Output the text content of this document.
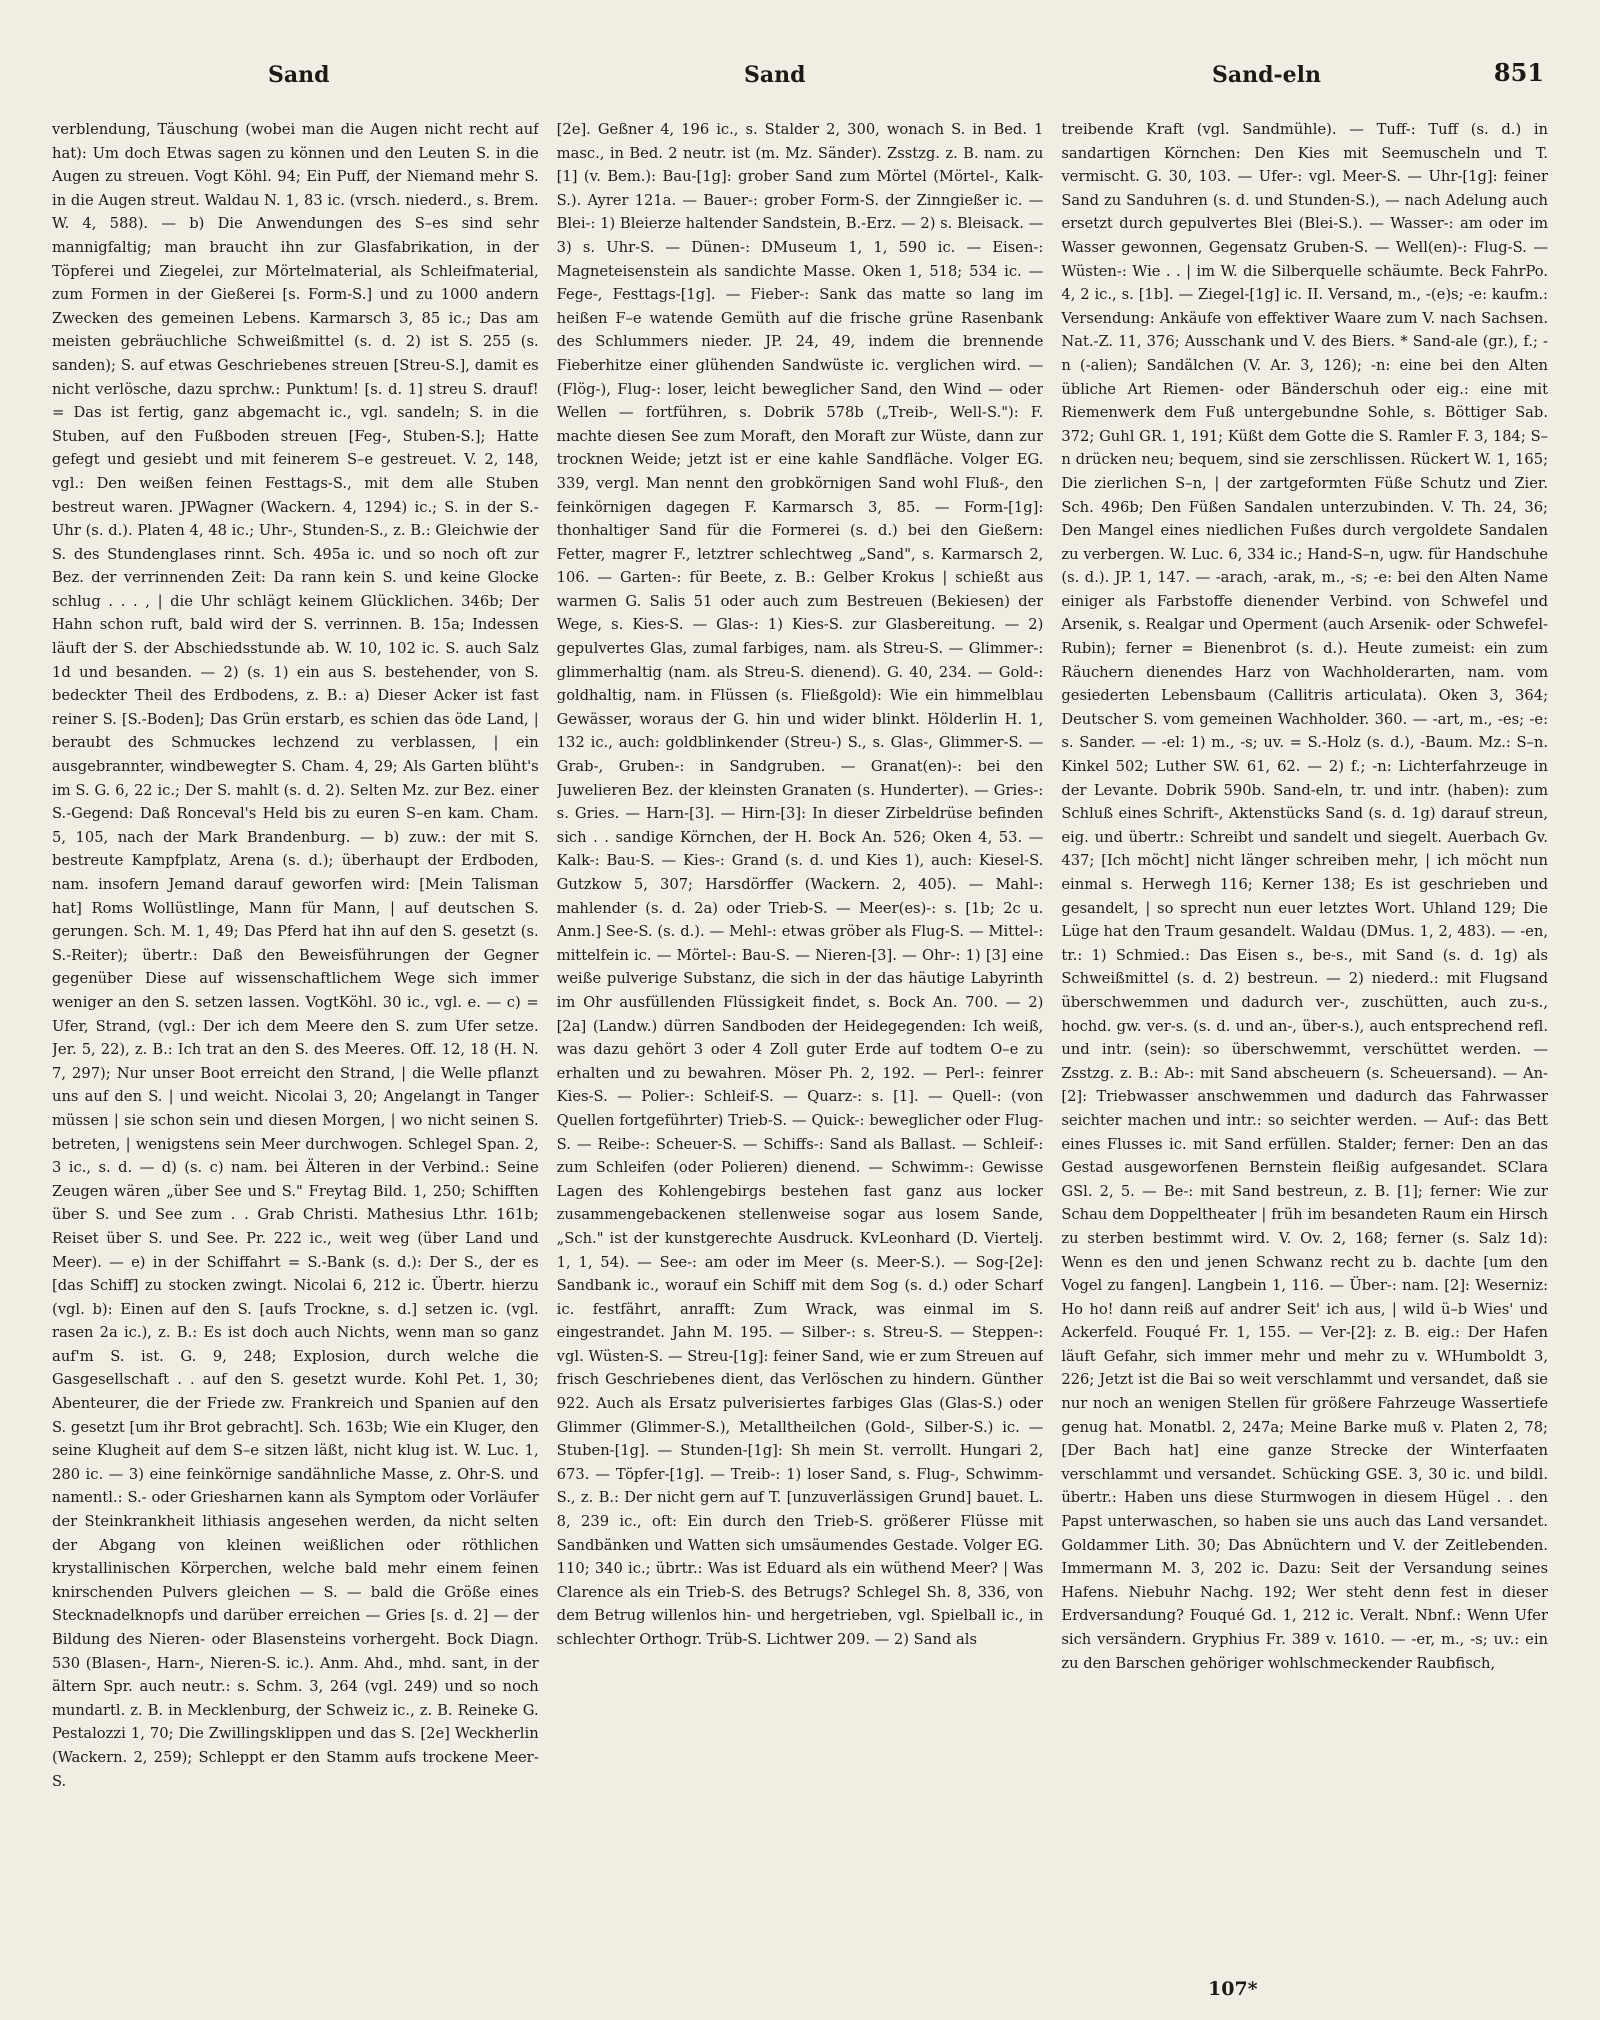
Sand	Sand	Sand-eln	851

verblendung, Täuschung (wobei man die Augen nicht recht auf hat): Um doch Etwas sagen zu können und den Leuten S. in die Augen zu streuen. Vogt Köhl. 94; Ein Puff, der Niemand mehr S. in die Augen streut. Waldau N. 1, 83 ic. (vrsch. niederd., s. Brem. W. 4, 588). — b) Die Anwendungen des S–es sind sehr mannigfaltig; man braucht ihn zur Glasfabrikation, in der Töpferei und Ziegelei, zur Mörtelmaterial, als Schleifmaterial, zum Formen in der Gießerei [s. Form-S.] und zu 1000 andern Zwecken des gemeinen Lebens. Karmarsch 3, 85 ic.; Das am meisten gebräuchliche Schweißmittel (s. d. 2) ist S. 255 (s. sanden); S. auf etwas Geschriebenes streuen [Streu-S.], damit es nicht verlösche, dazu sprchw.: Punktum! [s. d. 1] streu S. drauf! = Das ist fertig, ganz abgemacht ic., vgl. sandeln; S. in die Stuben, auf den Fußboden streuen [Feg-, Stuben-S.]; Hatte gefegt und gesiebt und mit feinerem S–e gestreuet. V. 2, 148, vgl.: Den weißen feinen Festtags-S., mit dem alle Stuben bestreut waren. JPWagner (Wackern. 4, 1294) ic.; S. in der S.-Uhr (s. d.). Platen 4, 48 ic.; Uhr-, Stunden-S., z. B.: Gleichwie der S. des Stundenglases rinnt. Sch. 495a ic. und so noch oft zur Bez. der verrinnenden Zeit: Da rann kein S. und keine Glocke schlug . . . , | die Uhr schlägt keinem Glücklichen. 346b; Der Hahn schon ruft, bald wird der S. verrinnen. B. 15a; Indessen läuft der S. der Abschiedsstunde ab. W. 10, 102 ic. S. auch Salz 1d und besanden. — 2) (s. 1) ein aus S. bestehender, von S. bedeckter Theil des Erdbodens, z. B.: a) Dieser Acker ist fast reiner S. [S.-Boden]; Das Grün erstarb, es schien das öde Land, | beraubt des Schmuckes lechzend zu verblassen, | ein ausgebrannter, windbewegter S. Cham. 4, 29; Als Garten blüht's im S. G. 6, 22 ic.; Der S. mahlt (s. d. 2). Selten Mz. zur Bez. einer S.-Gegend: Daß Ronceval's Held bis zu euren S–en kam. Cham. 5, 105, nach der Mark Brandenburg. — b) zuw.: der mit S. bestreute Kampfplatz, Arena (s. d.); überhaupt der Erdboden, nam. insofern Jemand darauf geworfen wird: [Mein Talisman hat] Roms Wollüstlinge, Mann für Mann, | auf deutschen S. gerungen. Sch. M. 1, 49; Das Pferd hat ihn auf den S. gesetzt (s. S.-Reiter); übertr.: Daß den Beweisführungen der Gegner gegenüber Diese auf wissenschaftlichem Wege sich immer weniger an den S. setzen lassen. VogtKöhl. 30 ic., vgl. e. — c) = Ufer, Strand, (vgl.: Der ich dem Meere den S. zum Ufer setze. Jer. 5, 22), z. B.: Ich trat an den S. des Meeres. Off. 12, 18 (H. N. 7, 297); Nur unser Boot erreicht den Strand, | die Welle pflanzt uns auf den S. | und weicht. Nicolai 3, 20; Angelangt in Tanger müssen | sie schon sein und diesen Morgen, | wo nicht seinen S. betreten, | wenigstens sein Meer durchwogen. Schlegel Span. 2, 3 ic., s. d. — d) (s. c) nam. bei Älteren in der Verbind.: Seine Zeugen wären „über See und S." Freytag Bild. 1, 250; Schifften über S. und See zum . . Grab Christi. Mathesius Lthr. 161b; Reiset über S. und See. Pr. 222 ic., weit weg (über Land und Meer). — e) in der Schiffahrt = S.-Bank (s. d.): Der S., der es [das Schiff] zu stocken zwingt. Nicolai 6, 212 ic. Übertr. hierzu (vgl. b): Einen auf den S. [aufs Trockne, s. d.] setzen ic. (vgl. rasen 2a ic.), z. B.: Es ist doch auch Nichts, wenn man so ganz auf'm S. ist. G. 9, 248; Explosion, durch welche die Gasgesellschaft . . auf den S. gesetzt wurde. Kohl Pet. 1, 30; Abenteurer, die der Friede zw. Frankreich und Spanien auf den S. gesetzt [um ihr Brot gebracht]. Sch. 163b; Wie ein Kluger, den seine Klugheit auf dem S–e sitzen läßt, nicht klug ist. W. Luc. 1, 280 ic. — 3) eine feinkörnige sandähnliche Masse, z. Ohr-S. und namentl.: S.- oder Griesharnen kann als Symptom oder Vorläufer der Steinkrankheit lithiasis angesehen werden, da nicht selten der Abgang von kleinen weißlichen oder röthlichen krystallinischen Körperchen, welche bald mehr einem feinen knirschenden Pulvers gleichen — S. — bald die Größe eines Stecknadelknopfs und darüber erreichen — Gries [s. d. 2] — der Bildung des Nieren- oder Blasensteins vorhergeht. Bock Diagn. 530 (Blasen-, Harn-, Nieren-S. ic.). Anm. Ahd., mhd. sant, in der ältern Spr. auch neutr.: s. Schm. 3, 264 (vgl. 249) und so noch mundartl. z. B. in Mecklenburg, der Schweiz ic., z. B. Reineke G. Pestalozzi 1, 70; Die Zwillingsklippen und das S. [2e] Weckherlin (Wackern. 2, 259); Schleppt er den Stamm aufs trockene Meer-S.

[2e]. Geßner 4, 196 ic., s. Stalder 2, 300, wonach S. in Bed. 1 masc., in Bed. 2 neutr. ist (m. Mz. Sänder). Zsstzg. z. B. nam. zu [1] (v. Bem.): Bau-[1g]: grober Sand zum Mörtel (Mörtel-, Kalk-S.). Ayrer 121a. — Bauer-: grober Form-S. der Zinngießer ic. — Blei-: 1) Bleierze haltender Sandstein, B.-Erz. — 2) s. Bleisack. — 3) s. Uhr-S. — Dünen-: DMuseum 1, 1, 590 ic. — Eisen-: Magneteisenstein als sandichte Masse. Oken 1, 518; 534 ic. — Fege-, Festtags-[1g]. — Fieber-: Sank das matte so lang im heißen F–e watende Gemüth auf die frische grüne Rasenbank des Schlummers nieder. JP. 24, 49, indem die brennende Fieberhitze einer glühenden Sandwüste ic. verglichen wird. — (Flög-), Flug-: loser, leicht beweglicher Sand, den Wind — oder Wellen — fortführen, s. Dobrik 578b („Treib-, Well-S."): F. machte diesen See zum Moraft, den Moraft zur Wüste, dann zur trocknen Weide; jetzt ist er eine kahle Sandfläche. Volger EG. 339, vergl. Man nennt den grobkörnigen Sand wohl Fluß-, den feinkörnigen dagegen F. Karmarsch 3, 85. — Form-[1g]: thonhaltiger Sand für die Formerei (s. d.) bei den Gießern: Fetter, magrer F., letztrer schlechtweg „Sand", s. Karmarsch 2, 106. — Garten-: für Beete, z. B.: Gelber Krokus | schießt aus warmen G. Salis 51 oder auch zum Bestreuen (Bekiesen) der Wege, s. Kies-S. — Glas-: 1) Kies-S. zur Glasbereitung. — 2) gepulvertes Glas, zumal farbiges, nam. als Streu-S. — Glimmer-: glimmerhaltig (nam. als Streu-S. dienend). G. 40, 234. — Gold-: goldhaltig, nam. in Flüssen (s. Fließgold): Wie ein himmelblau Gewässer, woraus der G. hin und wider blinkt. Hölderlin H. 1, 132 ic., auch: goldblinkender (Streu-) S., s. Glas-, Glimmer-S. — Grab-, Gruben-: in Sandgruben. — Granat(en)-: bei den Juwelieren Bez. der kleinsten Granaten (s. Hunderter). — Gries-: s. Gries. — Harn-[3]. — Hirn-[3]: In dieser Zirbeldrüse befinden sich . . sandige Körnchen, der H. Bock An. 526; Oken 4, 53. — Kalk-: Bau-S. — Kies-: Grand (s. d. und Kies 1), auch: Kiesel-S. Gutzkow 5, 307; Harsdörffer (Wackern. 2, 405). — Mahl-: mahlender (s. d. 2a) oder Trieb-S. — Meer(es)-: s. [1b; 2c u. Anm.] See-S. (s. d.). — Mehl-: etwas gröber als Flug-S. — Mittel-: mittelfein ic. — Mörtel-: Bau-S. — Nieren-[3]. — Ohr-: 1) [3] eine weiße pulverige Substanz, die sich in der das häutige Labyrinth im Ohr ausfüllenden Flüssigkeit findet, s. Bock An. 700. — 2) [2a] (Landw.) dürren Sandboden der Heidegegenden: Ich weiß, was dazu gehört 3 oder 4 Zoll guter Erde auf todtem O–e zu erhalten und zu bewahren. Möser Ph. 2, 192. — Perl-: feinrer Kies-S. — Polier-: Schleif-S. — Quarz-: s. [1]. — Quell-: (von Quellen fortgeführter) Trieb-S. — Quick-: beweglicher oder Flug-S. — Reibe-: Scheuer-S. — Schiffs-: Sand als Ballast. — Schleif-: zum Schleifen (oder Polieren) dienend. — Schwimm-: Gewisse Lagen des Kohlengebirgs bestehen fast ganz aus locker zusammengebackenen stellenweise sogar aus losem Sande, „Sch." ist der kunstgerechte Ausdruck. KvLeonhard (D. Viertelj. 1, 1, 54). — See-: am oder im Meer (s. Meer-S.). — Sog-[2e]: Sandbank ic., worauf ein Schiff mit dem Sog (s. d.) oder Scharf ic. festfährt, anrafft: Zum Wrack, was einmal im S. eingestrandet. Jahn M. 195. — Silber-: s. Streu-S. — Steppen-: vgl. Wüsten-S. — Streu-[1g]: feiner Sand, wie er zum Streuen auf frisch Geschriebenes dient, das Verlöschen zu hindern. Günther 922. Auch als Ersatz pulverisiertes farbiges Glas (Glas-S.) oder Glimmer (Glimmer-S.), Metalltheilchen (Gold-, Silber-S.) ic. — Stuben-[1g]. — Stunden-[1g]: Sh mein St. verrollt. Hungari 2, 673. — Töpfer-[1g]. — Treib-: 1) loser Sand, s. Flug-, Schwimm-S., z. B.: Der nicht gern auf T. [unzuverlässigen Grund] bauet. L. 8, 239 ic., oft: Ein durch den Trieb-S. größerer Flüsse mit Sandbänken und Watten sich umsäumendes Gestade. Volger EG. 110; 340 ic.; übrtr.: Was ist Eduard als ein wüthend Meer? | Was Clarence als ein Trieb-S. des Betrugs? Schlegel Sh. 8, 336, von dem Betrug willenlos hin- und hergetrieben, vgl. Spielball ic., in schlechter Orthogr. Trüb-S. Lichtwer 209. — 2) Sand als

treibende Kraft (vgl. Sandmühle). — Tuff-: Tuff (s. d.) in sandartigen Körnchen: Den Kies mit Seemuscheln und T. vermischt. G. 30, 103. — Ufer-: vgl. Meer-S. — Uhr-[1g]: feiner Sand zu Sanduhren (s. d. und Stunden-S.), — nach Adelung auch ersetzt durch gepulvertes Blei (Blei-S.). — Wasser-: am oder im Wasser gewonnen, Gegensatz Gruben-S. — Well(en)-: Flug-S. — Wüsten-: Wie . . | im W. die Silberquelle schäumte. Beck FahrPo. 4, 2 ic., s. [1b]. — Ziegel-[1g] ic. II. Versand, m., -(e)s; -e: kaufm.: Versendung: Ankäufe von effektiver Waare zum V. nach Sachsen. Nat.-Z. 11, 376; Ausschank und V. des Biers. * Sand-ale (gr.), f.; -n (-alien); Sandälchen (V. Ar. 3, 126); -n: eine bei den Alten übliche Art Riemen- oder Bänderschuh oder eig.: eine mit Riemenwerk dem Fuß untergebundne Sohle, s. Böttiger Sab. 372; Guhl GR. 1, 191; Küßt dem Gotte die S. Ramler F. 3, 184; S–n drücken neu; bequem, sind sie zerschlissen. Rückert W. 1, 165; Die zierlichen S–n, | der zartgeformten Füße Schutz und Zier. Sch. 496b; Den Füßen Sandalen unterzubinden. V. Th. 24, 36; Den Mangel eines niedlichen Fußes durch vergoldete Sandalen zu verbergen. W. Luc. 6, 334 ic.; Hand-S–n, ugw. für Handschuhe (s. d.). JP. 1, 147. — -arach, -arak, m., -s; -e: bei den Alten Name einiger als Farbstoffe dienender Verbind. von Schwefel und Arsenik, s. Realgar und Operment (auch Arsenik- oder Schwefel-Rubin); ferner = Bienenbrot (s. d.). Heute zumeist: ein zum Räuchern dienendes Harz von Wachholderarten, nam. vom gesiederten Lebensbaum (Callitris articulata). Oken 3, 364; Deutscher S. vom gemeinen Wachholder. 360. — -art, m., -es; -e: s. Sander. — -el: 1) m., -s; uv. = S.-Holz (s. d.), -Baum. Mz.: S–n. Kinkel 502; Luther SW. 61, 62. — 2) f.; -n: Lichterfahrzeuge in der Levante. Dobrik 590b. Sand-eln, tr. und intr. (haben): zum Schluß eines Schrift-, Aktenstücks Sand (s. d. 1g) darauf streun, eig. und übertr.: Schreibt und sandelt und siegelt. Auerbach Gv. 437; [Ich möcht] nicht länger schreiben mehr, | ich möcht nun einmal s. Herwegh 116; Kerner 138; Es ist geschrieben und gesandelt, | so sprecht nun euer letztes Wort. Uhland 129; Die Lüge hat den Traum gesandelt. Waldau (DMus. 1, 2, 483). — -en, tr.: 1) Schmied.: Das Eisen s., be-s., mit Sand (s. d. 1g) als Schweißmittel (s. d. 2) bestreun. — 2) niederd.: mit Flugsand überschwemmen und dadurch ver-, zuschütten, auch zu-s., hochd. gw. ver-s. (s. d. und an-, über-s.), auch entsprechend refl. und intr. (sein): so überschwemmt, verschüttet werden. — Zsstzg. z. B.: Ab-: mit Sand abscheuern (s. Scheuersand). — An-[2]: Triebwasser anschwemmen und dadurch das Fahrwasser seichter machen und intr.: so seichter werden. — Auf-: das Bett eines Flusses ic. mit Sand erfüllen. Stalder; ferner: Den an das Gestad ausgeworfenen Bernstein fleißig aufgesandet. SClara GSl. 2, 5. — Be-: mit Sand bestreun, z. B. [1]; ferner: Wie zur Schau dem Doppeltheater | früh im besandeten Raum ein Hirsch zu sterben bestimmt wird. V. Ov. 2, 168; ferner (s. Salz 1d): Wenn es den und jenen Schwanz recht zu b. dachte [um den Vogel zu fangen]. Langbein 1, 116. — Über-: nam. [2]: Weserniz: Ho ho! dann reiß auf andrer Seit' ich aus, | wild ü–b Wies' und Ackerfeld. Fouqué Fr. 1, 155. — Ver-[2]: z. B. eig.: Der Hafen läuft Gefahr, sich immer mehr und mehr zu v. WHumboldt 3, 226; Jetzt ist die Bai so weit verschlammt und versandet, daß sie nur noch an wenigen Stellen für größere Fahrzeuge Wassertiefe genug hat. Monatbl. 2, 247a; Meine Barke muß v. Platen 2, 78; [Der Bach hat] eine ganze Strecke der Winterfaaten verschlammt und versandet. Schücking GSE. 3, 30 ic. und bildl. übertr.: Haben uns diese Sturmwogen in diesem Hügel . . den Papst unterwaschen, so haben sie uns auch das Land versandet. Goldammer Lith. 30; Das Abnüchtern und V. der Zeitlebenden. Immermann M. 3, 202 ic. Dazu: Seit der Versandung seines Hafens. Niebuhr Nachg. 192; Wer steht denn fest in dieser Erdversandung? Fouqué Gd. 1, 212 ic. Veralt. Nbnf.: Wenn Ufer sich versändern. Gryphius Fr. 389 v. 1610. — -er, m., -s; uv.: ein zu den Barschen gehöriger wohlschmeckender Raubfisch,

107*
